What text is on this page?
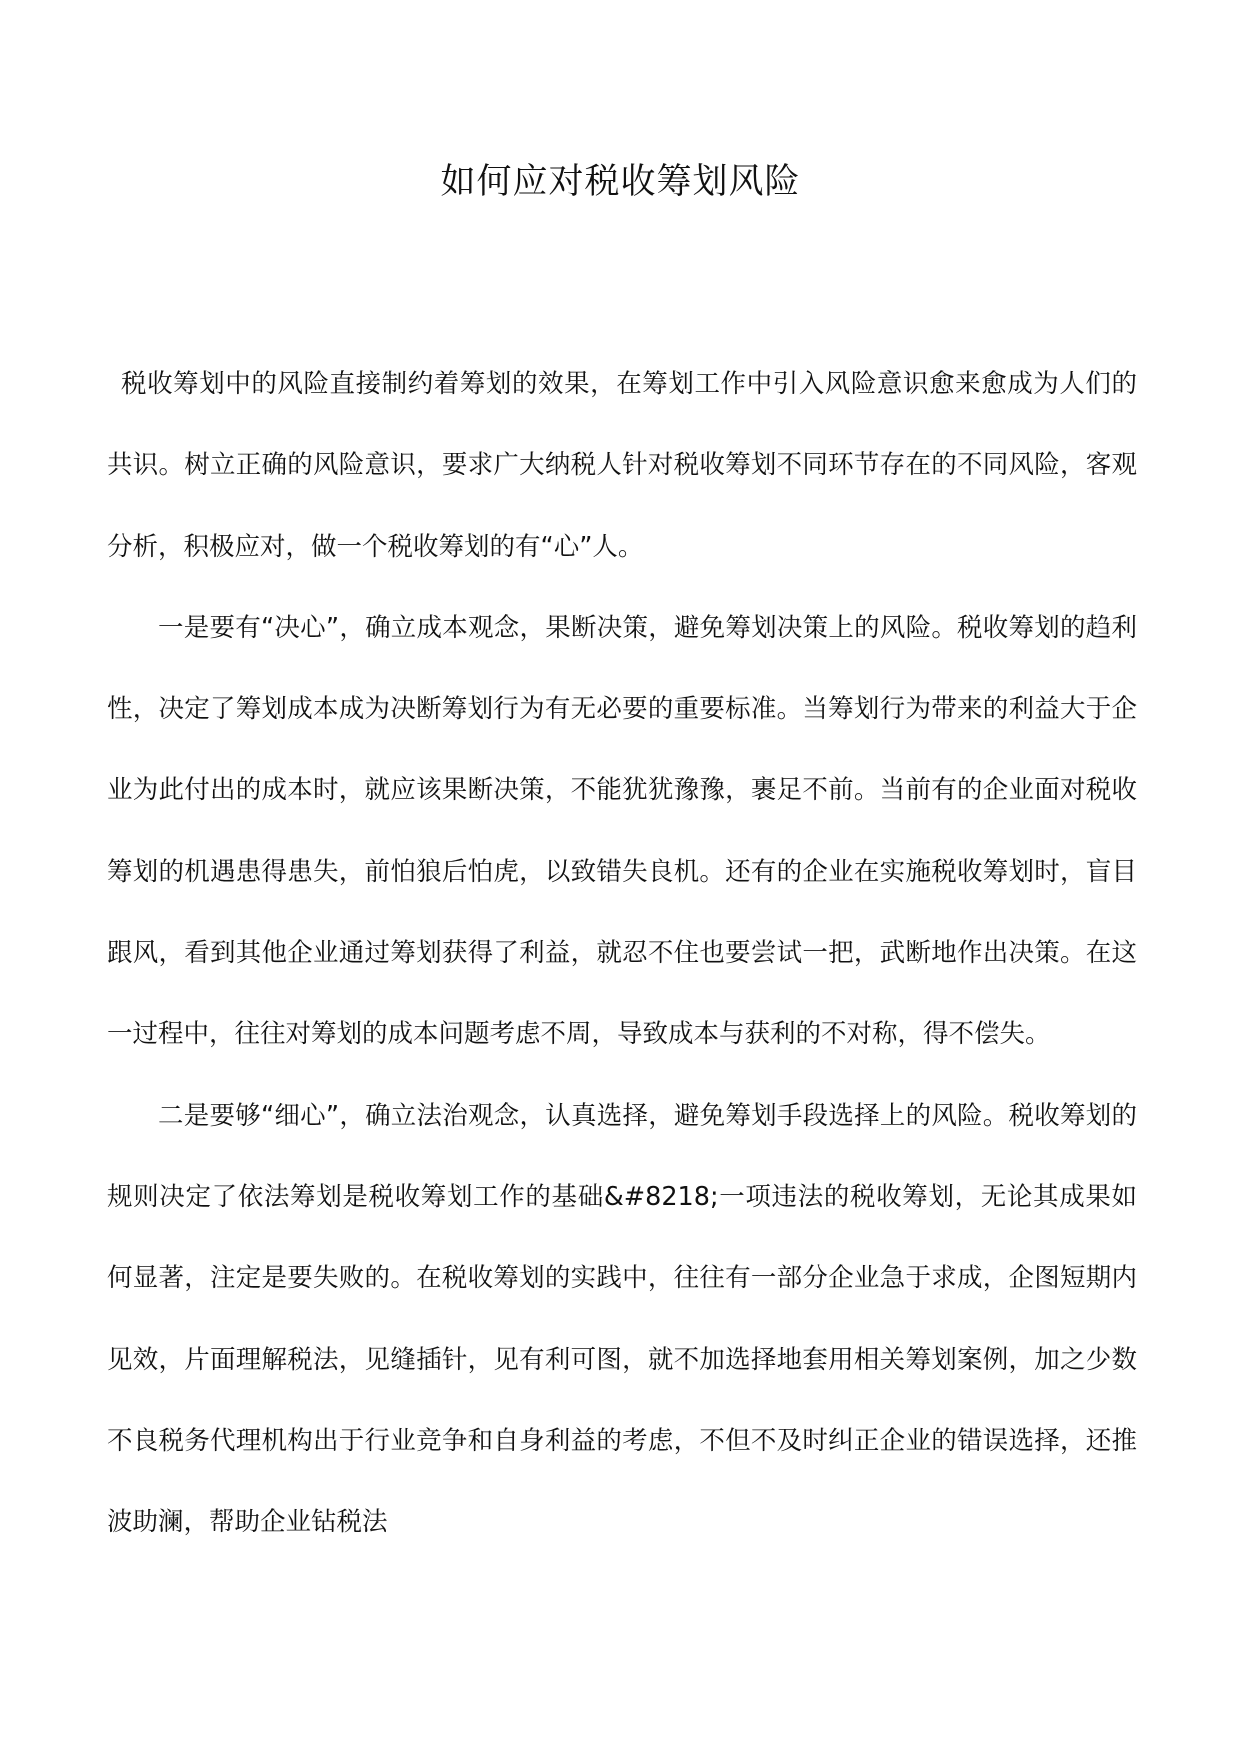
如何应对税收筹划风险

税收筹划中的风险直接制约着筹划的效果，在筹划工作中引入风险意识愈来愈成为人们的共识。树立正确的风险意识，要求广大纳税人针对税收筹划不同环节存在的不同风险，客观分析，积极应对，做一个税收筹划的有“心”人。

一是要有“决心”，确立成本观念，果断决策，避免筹划决策上的风险。税收筹划的趋利性，决定了筹划成本成为决断筹划行为有无必要的重要标准。当筹划行为带来的利益大于企业为此付出的成本时，就应该果断决策，不能犹犹豫豫，裹足不前。当前有的企业面对税收筹划的机遇患得患失，前怕狼后怕虎，以致错失良机。还有的企业在实施税收筹划时，盲目跟风，看到其他企业通过筹划获得了利益，就忍不住也要尝试一把，武断地作出决策。在这一过程中，往往对筹划的成本问题考虑不周，导致成本与获利的不对称，得不偿失。

二是要够“细心”，确立法治观念，认真选择，避免筹划手段选择上的风险。税收筹划的规则决定了依法筹划是税收筹划工作的基础&#8218;一项违法的税收筹划，无论其成果如何显著，注定是要失败的。在税收筹划的实践中，往往有一部分企业急于求成，企图短期内见效，片面理解税法，见缝插针，见有利可图，就不加选择地套用相关筹划案例，加之少数不良税务代理机构出于行业竞争和自身利益的考虑，不但不及时纠正企业的错误选择，还推波助澜，帮助企业钻税法
